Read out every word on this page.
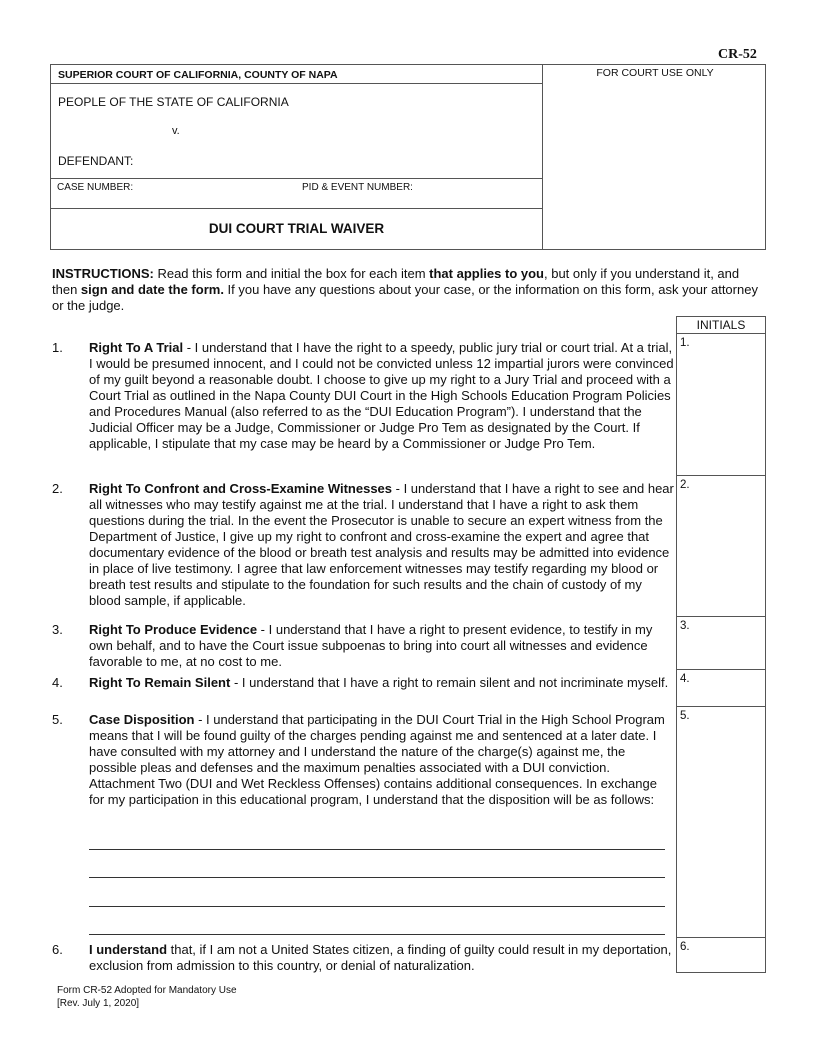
CR-52
SUPERIOR COURT OF CALIFORNIA, COUNTY OF NAPA	FOR COURT USE ONLY
PEOPLE OF THE STATE OF CALIFORNIA
v.
DEFENDANT:
CASE NUMBER:	PID & EVENT NUMBER:
DUI COURT TRIAL WAIVER
INSTRUCTIONS: Read this form and initial the box for each item that applies to you, but only if you understand it, and then sign and date the form. If you have any questions about your case, or the information on this form, ask your attorney or the judge.
INITIALS
1.
2.
3.
4.
5.
6.
1. Right To A Trial - I understand that I have the right to a speedy, public jury trial or court trial. At a trial, I would be presumed innocent, and I could not be convicted unless 12 impartial jurors were convinced of my guilt beyond a reasonable doubt. I choose to give up my right to a Jury Trial and proceed with a Court Trial as outlined in the Napa County DUI Court in the High Schools Education Program Policies and Procedures Manual (also referred to as the “DUI Education Program”). I understand that the Judicial Officer may be a Judge, Commissioner or Judge Pro Tem as designated by the Court. If applicable, I stipulate that my case may be heard by a Commissioner or Judge Pro Tem.
2. Right To Confront and Cross-Examine Witnesses - I understand that I have a right to see and hear all witnesses who may testify against me at the trial. I understand that I have a right to ask them questions during the trial. In the event the Prosecutor is unable to secure an expert witness from the Department of Justice, I give up my right to confront and cross-examine the expert and agree that documentary evidence of the blood or breath test analysis and results may be admitted into evidence in place of live testimony. I agree that law enforcement witnesses may testify regarding my blood or breath test results and stipulate to the foundation for such results and the chain of custody of my blood sample, if applicable.
3. Right To Produce Evidence - I understand that I have a right to present evidence, to testify in my own behalf, and to have the Court issue subpoenas to bring into court all witnesses and evidence favorable to me, at no cost to me.
4. Right To Remain Silent - I understand that I have a right to remain silent and not incriminate myself.
5. Case Disposition - I understand that participating in the DUI Court Trial in the High School Program means that I will be found guilty of the charges pending against me and sentenced at a later date. I have consulted with my attorney and I understand the nature of the charge(s) against me, the possible pleas and defenses and the maximum penalties associated with a DUI conviction. Attachment Two (DUI and Wet Reckless Offenses) contains additional consequences. In exchange for my participation in this educational program, I understand that the disposition will be as follows:
6. I understand that, if I am not a United States citizen, a finding of guilty could result in my deportation, exclusion from admission to this country, or denial of naturalization.
Form CR-52 Adopted for Mandatory Use
[Rev. July 1, 2020]
